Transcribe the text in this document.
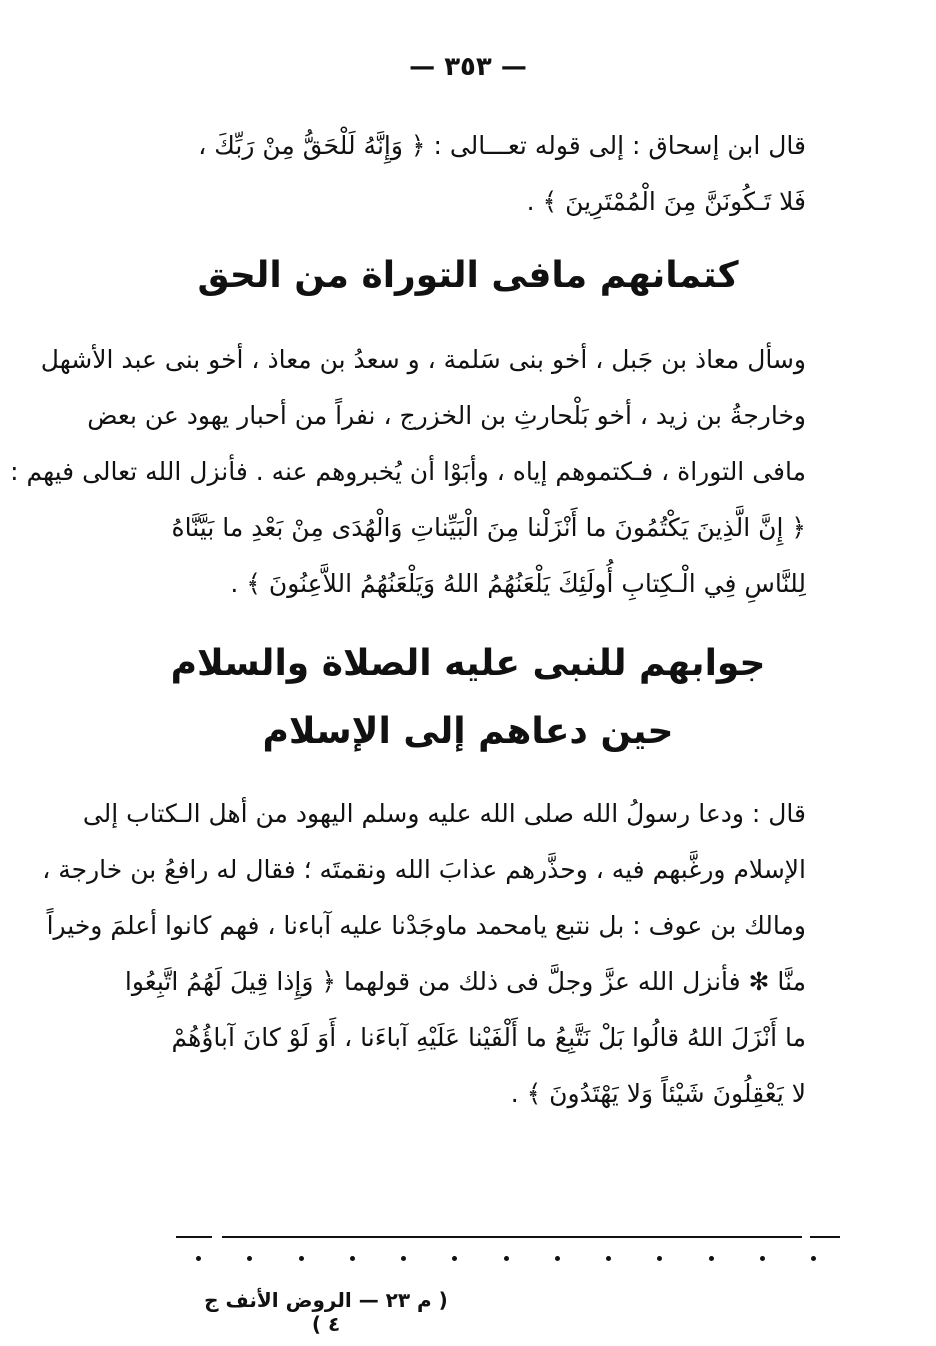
— ٣٥٣ —
قال ابن إسحاق : إلى قوله تعـــالى : ﴿ وَإِنَّهُ لَلْحَقُّ مِنْ رَبِّكَ ،
فَلا تَـكُونَنَّ مِنَ الْمُمْتَرِينَ ﴾ .
كتمانهم مافى التوراة من الحق
وسأل معاذ بن جَبل ، أخو بنى سَلمة ، و سعدُ بن معاذ ، أخو بنى عبد الأشهل
وخارجةُ بن زيد ، أخو بَلْحارثِ بن الخزرج ، نفراً من أحبار يهود عن بعض
مافى التوراة ، فـكتموهم إياه ، وأبَوْا أن يُخبروهم عنه . فأنزل الله تعالى فيهم :
﴿ إِنَّ الَّذِينَ يَكْتُمُونَ ما أَنْزَلْنا مِنَ الْبَيِّناتِ وَالْهُدَى مِنْ بَعْدِ ما بَيَّنَّاهُ
لِلنَّاسِ فِي الْـكِتابِ أُولَئِكَ يَلْعَنُهُمُ اللهُ وَيَلْعَنُهُمُ اللاَّعِنُونَ ﴾ .
جوابهم للنبى عليه الصلاة والسلام
حين دعاهم إلى الإسلام
قال : ودعا رسولُ الله صلى الله عليه وسلم اليهود من أهل الـكتاب إلى
الإسلام ورغَّبهم فيه ، وحذَّرهم عذابَ الله ونقمتَه ؛ فقال له رافعُ بن خارجة ،
ومالك بن عوف : بل نتبع يامحمد ماوجَدْنا عليه آباءنا ، فهم كانوا أعلمَ وخيراً
منَّا ✻ فأنزل الله عزَّ وجلَّ فى ذلك من قولهما ﴿ وَإِذا قِيلَ لَهُمُ اتَّبِعُوا
ما أَنْزَلَ اللهُ قالُوا بَلْ نَتَّبِعُ ما أَلْفَيْنا عَلَيْهِ آباءَنا ، أَوَ لَوْ كانَ آباؤُهُمْ
لا يَعْقِلُونَ شَيْئاً وَلا يَهْتَدُونَ ﴾ .
( م ٢٣ — الروض الأنف ج ٤ )
